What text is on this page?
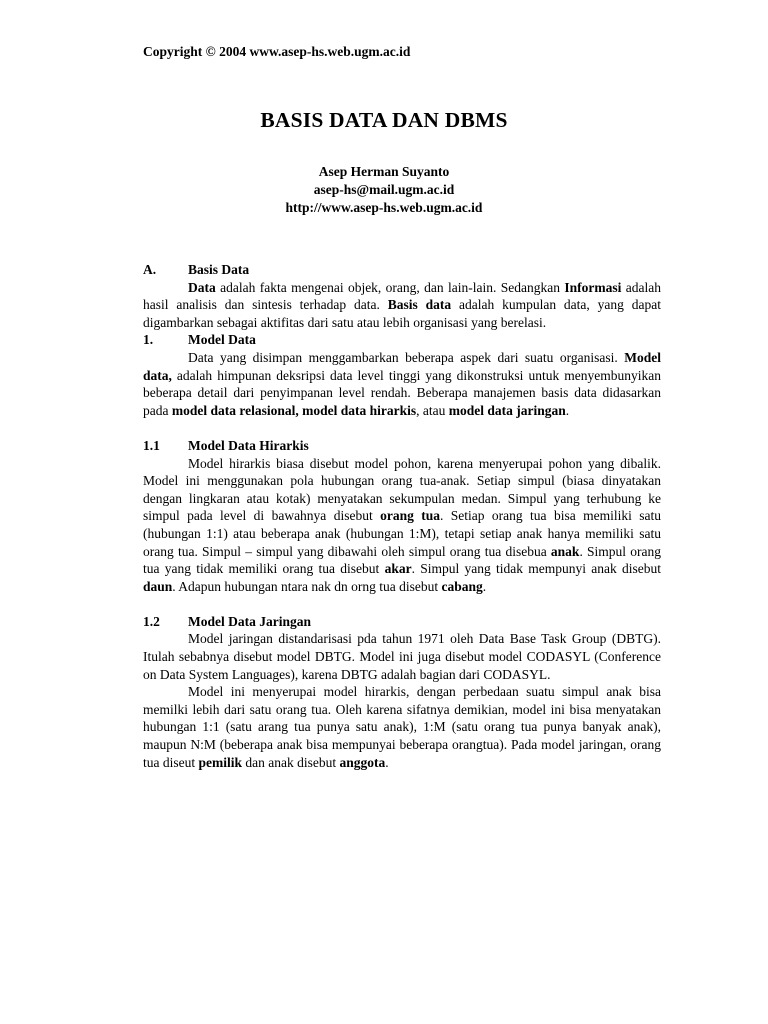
Copyright © 2004 www.asep-hs.web.ugm.ac.id
BASIS DATA DAN DBMS
Asep Herman Suyanto
asep-hs@mail.ugm.ac.id
http://www.asep-hs.web.ugm.ac.id
A.	Basis Data

Data adalah fakta mengenai objek, orang, dan lain-lain. Sedangkan Informasi adalah hasil analisis dan sintesis terhadap data. Basis data adalah kumpulan data, yang dapat digambarkan sebagai aktifitas dari satu atau lebih organisasi yang berelasi.

1.	Model Data

Data yang disimpan menggambarkan beberapa aspek dari suatu organisasi. Model data, adalah himpunan deksripsi data level tinggi yang dikonstruksi untuk menyembunyikan beberapa detail dari penyimpanan level rendah. Beberapa manajemen basis data didasarkan pada model data relasional, model data hirarkis, atau model data jaringan.

1.1	Model Data Hirarkis

Model hirarkis biasa disebut model pohon, karena menyerupai pohon yang dibalik. Model ini menggunakan pola hubungan orang tua-anak. Setiap simpul (biasa dinyatakan dengan lingkaran atau kotak) menyatakan sekumpulan medan. Simpul yang terhubung ke simpul pada level di bawahnya disebut orang tua. Setiap orang tua bisa memiliki satu (hubungan 1:1) atau beberapa anak (hubungan 1:M), tetapi setiap anak hanya memiliki satu orang tua. Simpul – simpul yang dibawahi oleh simpul orang tua disebua anak. Simpul orang tua yang tidak memiliki orang tua disebut akar. Simpul yang tidak mempunyi anak disebut daun. Adapun hubungan ntara nak dn orng tua disebut cabang.

1.2	Model Data Jaringan

Model jaringan distandarisasi pda tahun 1971 oleh Data Base Task Group (DBTG). Itulah sebabnya disebut model DBTG. Model ini juga disebut model CODASYL (Conference on Data System Languages), karena DBTG adalah bagian dari CODASYL.

Model ini menyerupai model hirarkis, dengan perbedaan suatu simpul anak bisa memilki lebih dari satu orang tua. Oleh karena sifatnya demikian, model ini bisa menyatakan hubungan 1:1 (satu arang tua punya satu anak), 1:M (satu orang tua punya banyak anak), maupun N:M (beberapa anak bisa mempunyai beberapa orangtua). Pada model jaringan, orang tua diseut pemilik dan anak disebut anggota.
